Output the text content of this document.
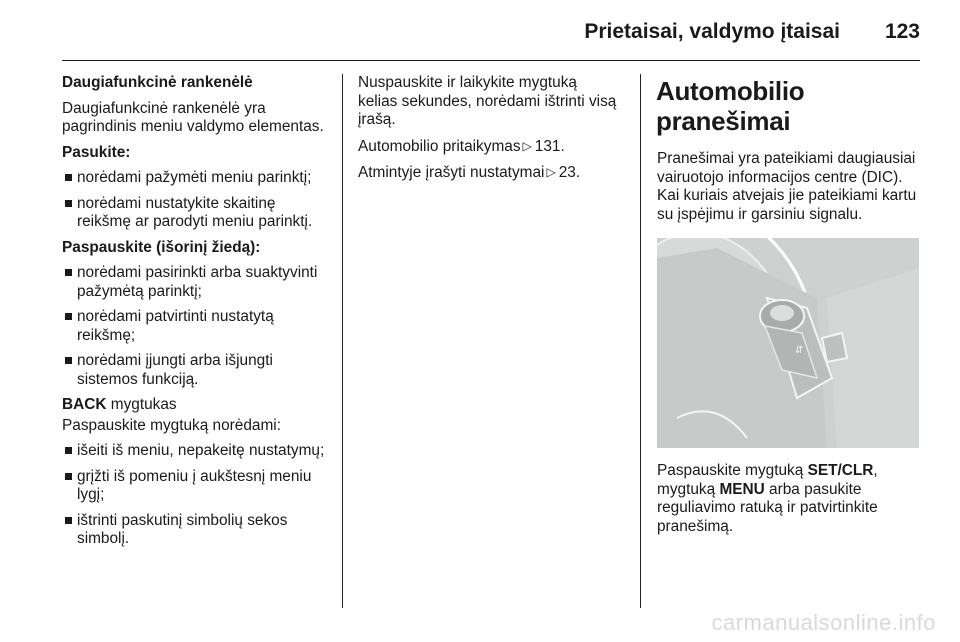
Prietaisai, valdymo įtaisai 123

Daugiafunkcinė rankenėlė

Daugiafunkcinė rankenėlė yra pagrindinis meniu valdymo elementas.

Pasukite:

norėdami pažymėti meniu parinktį;
norėdami nustatykite skaitinę reikšmę ar parodyti meniu parinktį.

Paspauskite (išorinį žiedą):

norėdami pasirinkti arba suaktyvinti pažymėtą parinktį;
norėdami patvirtinti nustatytą reikšmę;
norėdami įjungti arba išjungti sistemos funkciją.

BACK mygtukas

Paspauskite mygtuką norėdami:

išeiti iš meniu, nepakeitę nustatymų;
grįžti iš pomeniu į aukštesnį meniu lygį;
ištrinti paskutinį simbolių sekos simbolį.

Nuspauskite ir laikykite mygtuką kelias sekundes, norėdami ištrinti visą įrašą.

Automobilio pritaikymas ▷ 131.

Atmintyje įrašyti nustatymai ▷ 23.

Automobilio pranešimai

Pranešimai yra pateikiami daugiausiai vairuotojo informacijos centre (DIC). Kai kuriais atvejais jie pateikiami kartu su įspėjimu ir garsiniu signalu.

⇵

Paspauskite mygtuką SET/CLR,
mygtuką MENU arba pasukite reguliavimo ratuką ir patvirtinkite pranešimą.

carmanualsonline.info
